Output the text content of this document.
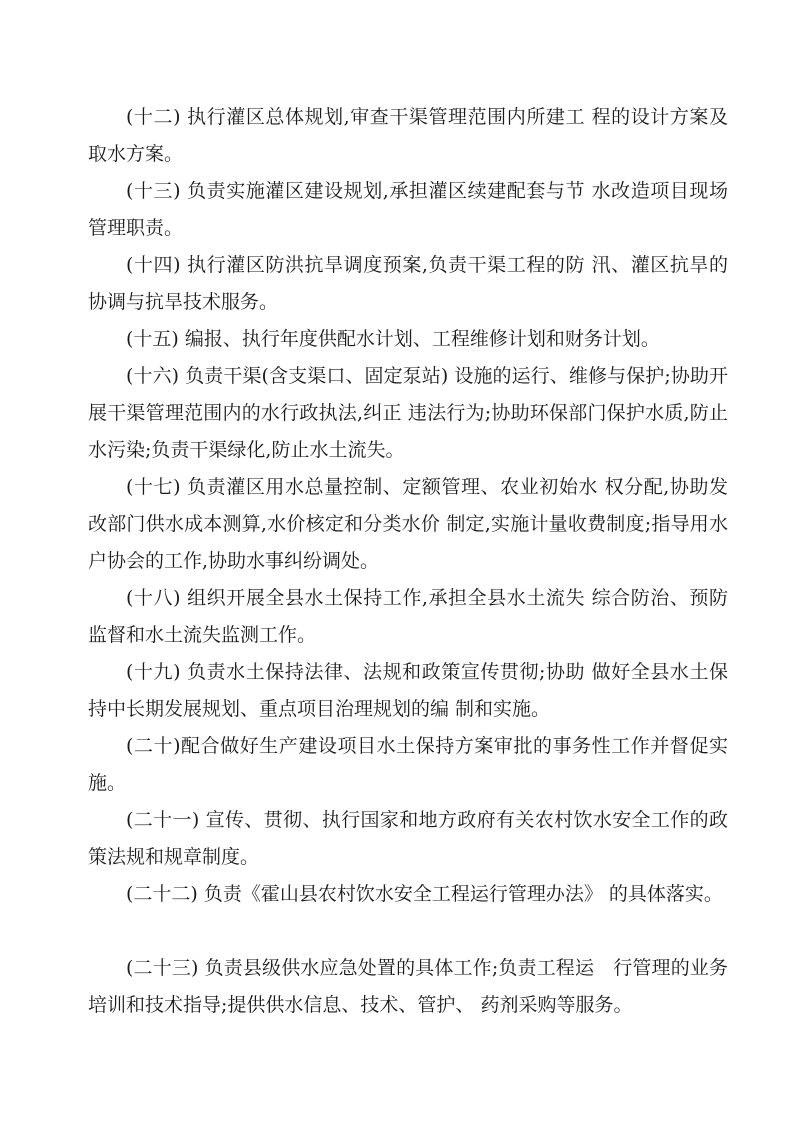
(十二) 执行灌区总体规划,审查干渠管理范围内所建工 程的设计方案及取水方案。

(十三) 负责实施灌区建设规划,承担灌区续建配套与节 水改造项目现场管理职责。

(十四) 执行灌区防洪抗旱调度预案,负责干渠工程的防 汛、灌区抗旱的协调与抗旱技术服务。

(十五) 编报、执行年度供配水计划、工程维修计划和财务计划。

(十六) 负责干渠(含支渠口、固定泵站) 设施的运行、维修与保护;协助开展干渠管理范围内的水行政执法,纠正 违法行为;协助环保部门保护水质,防止水污染;负责干渠绿化,防止水土流失。

(十七) 负责灌区用水总量控制、定额管理、农业初始水 权分配,协助发改部门供水成本测算,水价核定和分类水价 制定,实施计量收费制度;指导用水户协会的工作,协助水事纠纷调处。

(十八) 组织开展全县水土保持工作,承担全县水土流失 综合防治、预防监督和水土流失监测工作。

(十九) 负责水土保持法律、法规和政策宣传贯彻;协助 做好全县水土保持中长期发展规划、重点项目治理规划的编 制和实施。

(二十)配合做好生产建设项目水土保持方案审批的事务性工作并督促实施。

(二十一) 宣传、贯彻、执行国家和地方政府有关农村饮水安全工作的政策法规和规章制度。

(二十二) 负责《霍山县农村饮水安全工程运行管理办法》 的具体落实。

(二十三) 负责县级供水应急处置的具体工作;负责工程运　行管理的业务培训和技术指导;提供供水信息、技术、管护、 药剂采购等服务。
